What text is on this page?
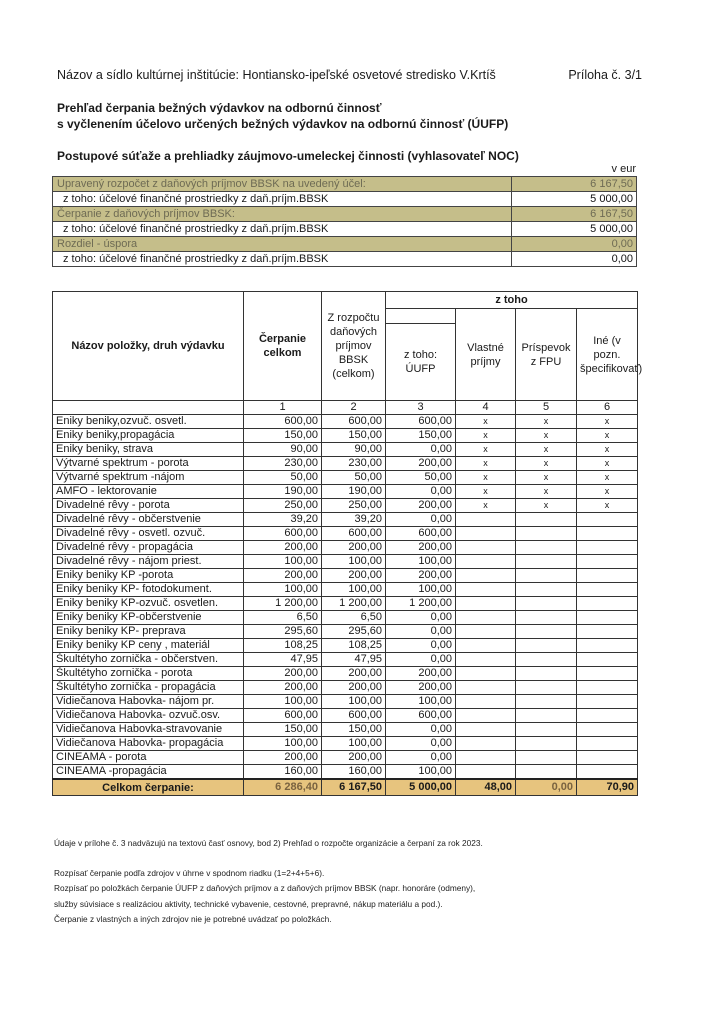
Názov a sídlo kultúrnej inštitúcie: Hontiansko-ipeľské osvetové stredisko V.Krtíš	Príloha č. 3/1
Prehľad čerpania bežných výdavkov na odbornú činnosť
s vyčlenením účelovo určených bežných výdavkov na odbornú činnosť (ÚUFP)
Postupové súťaže a prehliadky záujmovo-umeleckej činnosti (vyhlasovateľ NOC)
v eur
Upravený rozpočet z daňových príjmov BBSK na uvedený účel:	6 167,50
z toho: účelové finančné prostriedky z daň.príjm.BBSK	5 000,00
Čerpanie z daňových príjmov BBSK:	6 167,50
z toho: účelové finančné prostriedky z daň.príjm.BBSK	5 000,00
Rozdiel - úspora	0,00
z toho: účelové finančné prostriedky z daň.príjm.BBSK	0,00
Názov položky, druh výdavku	Čerpanie celkom	Z rozpočtu daňových príjmov BBSK (celkom)	z toho			
				Vlastné príjmy	Príspevok z FPU	Iné (v pozn. špecifikovať)
			z toho: ÚUFP			
	1	2	3	4	5	6
Eniky beniky,ozvuč. osvetl.	600,00	600,00	600,00	x	x	x
Eniky beniky,propagácia	150,00	150,00	150,00	x	x	x
Eniky beniky, strava	90,00	90,00	0,00	x	x	x
Výtvarné spektrum - porota	230,00	230,00	200,00	x	x	x
Výtvarné spektrum -nájom	50,00	50,00	50,00	x	x	x
AMFO - lektorovanie	190,00	190,00	0,00	x	x	x
Divadelné rêvy - porota	250,00	250,00	200,00	x	x	x
Divadelné rêvy - občerstvenie	39,20	39,20	0,00			
Divadelné rêvy - osvetl. ozvuč.	600,00	600,00	600,00			
Divadelné rêvy - propagácia	200,00	200,00	200,00			
Divadelné rêvy - nájom priest.	100,00	100,00	100,00			
Eniky beniky KP -porota	200,00	200,00	200,00			
Eniky beniky KP- fotodokument.	100,00	100,00	100,00			
Eniky beniky KP-ozvuč. osvetlen.	1 200,00	1 200,00	1 200,00			
Eniky beniky KP-občerstvenie	6,50	6,50	0,00			
Eniky beniky KP- preprava	295,60	295,60	0,00			
Eniky beniky KP ceny , materiál	108,25	108,25	0,00			
Škultétyho zornička - občerstven.	47,95	47,95	0,00			
Škultétyho zornička - porota	200,00	200,00	200,00			
Škultétyho zornička - propagácia	200,00	200,00	200,00			
Vidiečanova Habovka- nájom pr.	100,00	100,00	100,00			
Vidiečanova Habovka- ozvuč.osv.	600,00	600,00	600,00			
Vidiečanova Habovka-stravovanie	150,00	150,00	0,00			
Vidiečanova Habovka- propagácia	100,00	100,00	0,00			
CINEAMA - porota	200,00	200,00	0,00			
CINEAMA -propagácia	160,00	160,00	100,00			
Celkom čerpanie:	6 286,40	6 167,50	5 000,00	48,00	0,00	70,90
Údaje v prílohe č. 3 nadväzujú na textovú časť osnovy, bod 2) Prehľad o rozpočte organizácie a čerpaní za rok 2023.
Rozpísať čerpanie podľa zdrojov v úhrne v spodnom riadku (1=2+4+5+6).
Rozpísať po položkách čerpanie ÚUFP z daňových príjmov a z daňových príjmov BBSK (napr. honoráre (odmeny),
služby súvisiace s realizáciou aktivity, technické vybavenie, cestovné, prepravné, nákup materiálu a pod.).
Čerpanie z vlastných a iných zdrojov nie je potrebné uvádzať po položkách.
